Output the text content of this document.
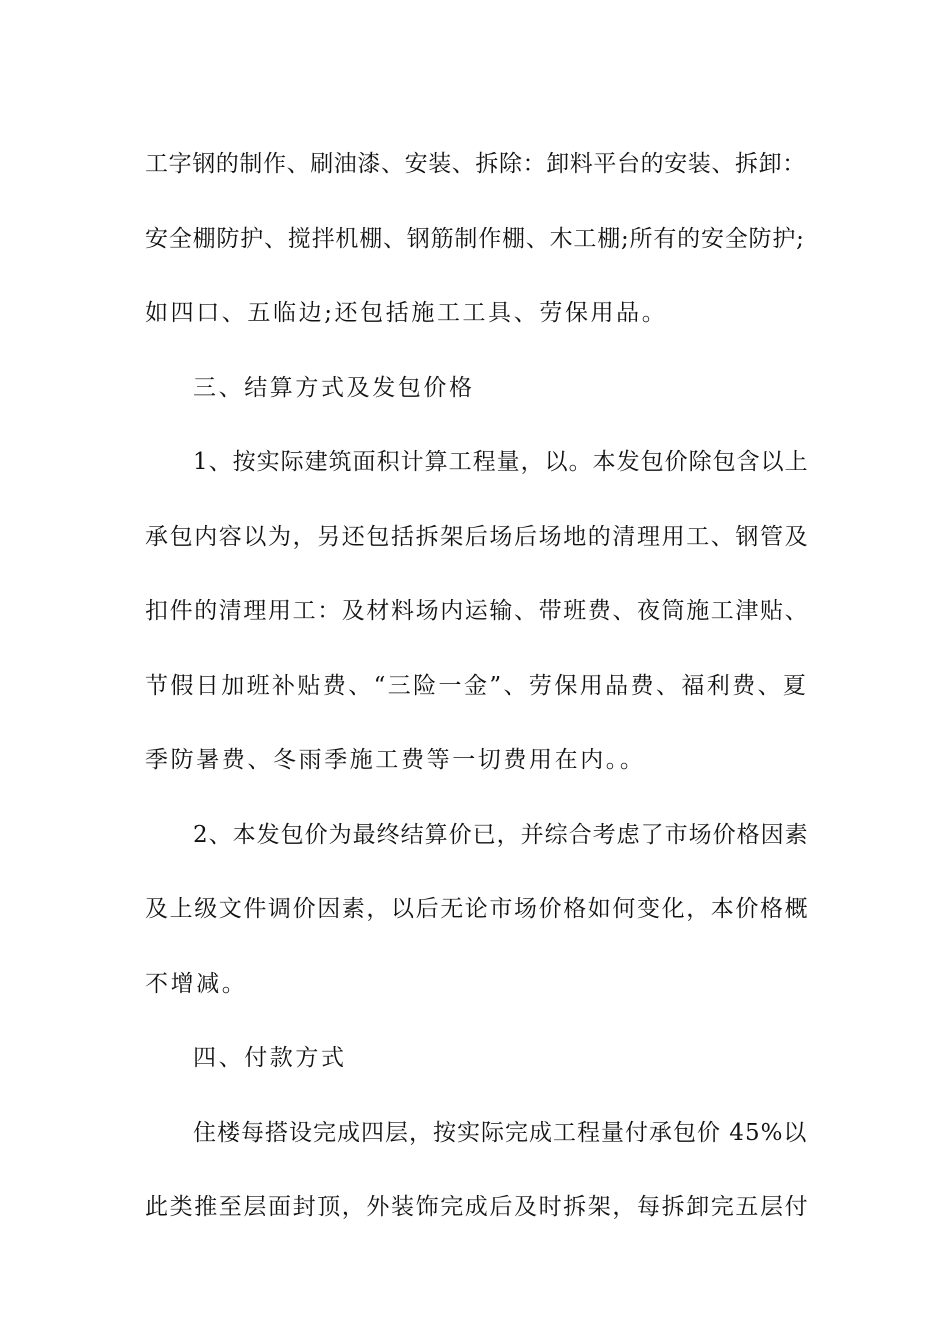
工字钢的制作、刷油漆、安装、拆除：卸料平台的安装、拆卸：
安全棚防护、搅拌机棚、钢筋制作棚、木工棚;所有的安全防护;
如四口、五临边;还包括施工工具、劳保用品。

三、结算方式及发包价格

1、按实际建筑面积计算工程量，以。本发包价除包含以上
承包内容以为，另还包括拆架后场后场地的清理用工、钢管及
扣件的清理用工：及材料场内运输、带班费、夜筒施工津贴、
节假日加班补贴费、“三险一金”、劳保用品费、福利费、夏
季防暑费、冬雨季施工费等一切费用在内。。

2、本发包价为最终结算价已，并综合考虑了市场价格因素
及上级文件调价因素，以后无论市场价格如何变化，本价格概
不增减。

四、付款方式

住楼每搭设完成四层，按实际完成工程量付承包价 45%以
此类推至层面封顶，外装饰完成后及时拆架，每拆卸完五层付
